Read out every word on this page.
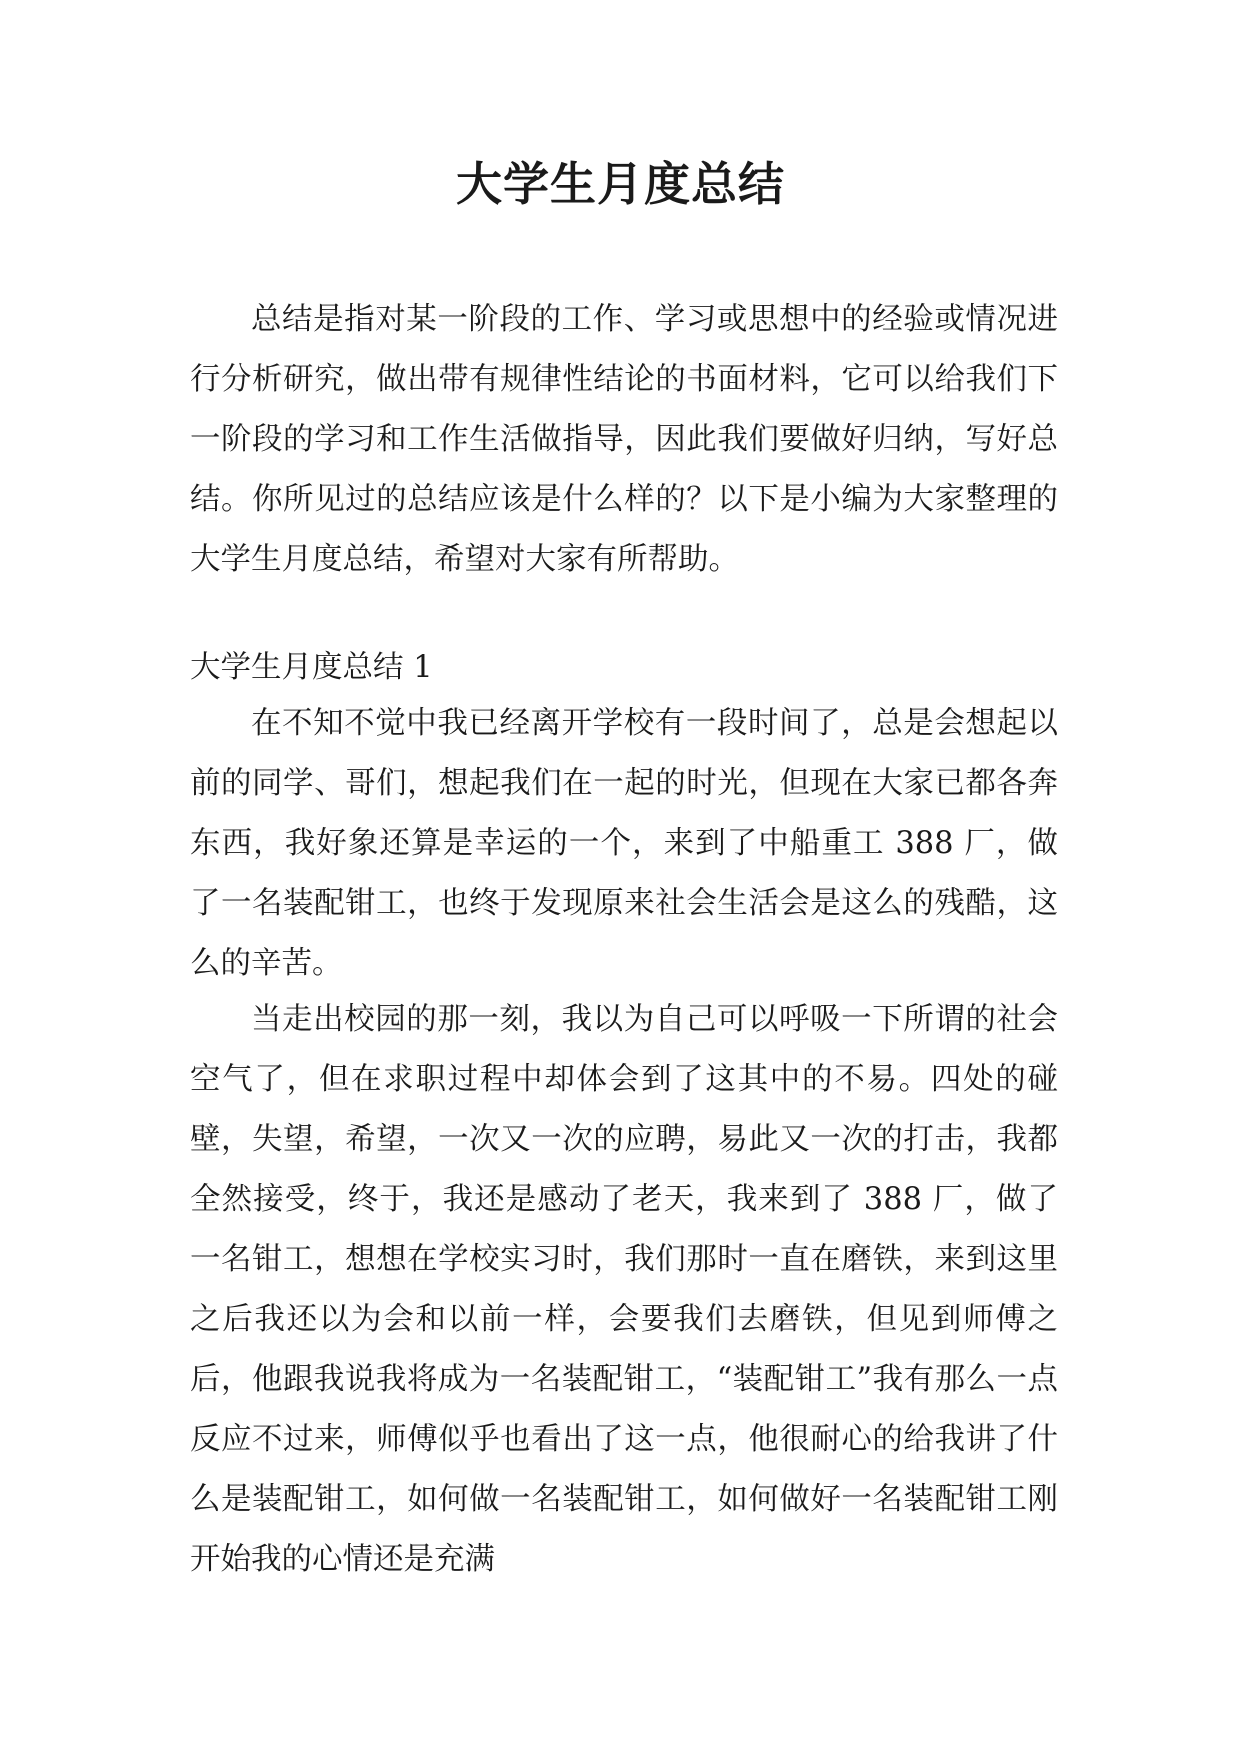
大学生月度总结

总结是指对某一阶段的工作、学习或思想中的经验或情况进行分析研究，做出带有规律性结论的书面材料，它可以给我们下一阶段的学习和工作生活做指导，因此我们要做好归纳，写好总结。你所见过的总结应该是什么样的？以下是小编为大家整理的大学生月度总结，希望对大家有所帮助。

大学生月度总结 1

在不知不觉中我已经离开学校有一段时间了，总是会想起以前的同学、哥们，想起我们在一起的时光，但现在大家已都各奔东西，我好象还算是幸运的一个，来到了中船重工 388 厂，做了一名装配钳工，也终于发现原来社会生活会是这么的残酷，这么的辛苦。

当走出校园的那一刻，我以为自己可以呼吸一下所谓的社会空气了，但在求职过程中却体会到了这其中的不易。四处的碰壁，失望，希望，一次又一次的应聘，易此又一次的打击，我都全然接受，终于，我还是感动了老天，我来到了 388 厂，做了一名钳工，想想在学校实习时，我们那时一直在磨铁，来到这里之后我还以为会和以前一样，会要我们去磨铁，但见到师傅之后，他跟我说我将成为一名装配钳工，“装配钳工”我有那么一点反应不过来，师傅似乎也看出了这一点，他很耐心的给我讲了什么是装配钳工，如何做一名装配钳工，如何做好一名装配钳工刚开始我的心情还是充满
